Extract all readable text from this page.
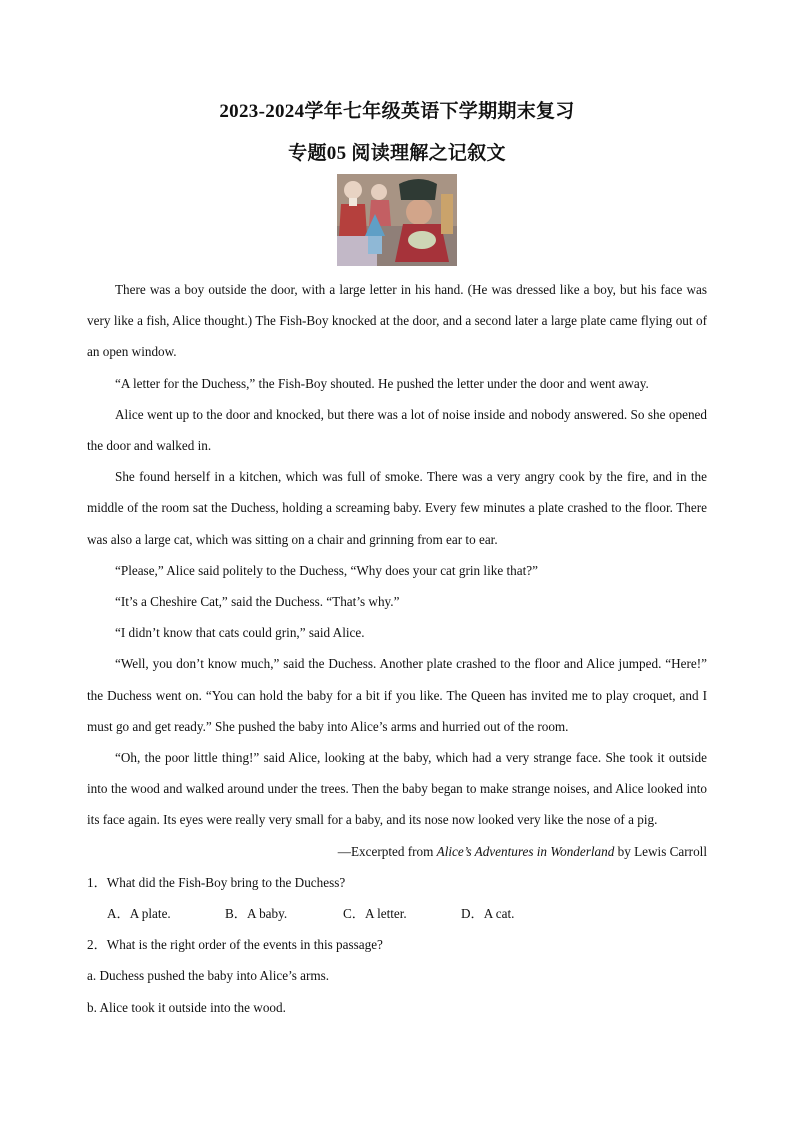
2023-2024学年七年级英语下学期期末复习
专题05 阅读理解之记叙文

There was a boy outside the door, with a large letter in his hand. (He was dressed like a boy, but his face was very like a fish, Alice thought.) The Fish-Boy knocked at the door, and a second later a large plate came flying out of an open window.

“A letter for the Duchess,” the Fish-Boy shouted. He pushed the letter under the door and went away.

Alice went up to the door and knocked, but there was a lot of noise inside and nobody answered. So she opened the door and walked in.

She found herself in a kitchen, which was full of smoke. There was a very angry cook by the fire, and in the middle of the room sat the Duchess, holding a screaming baby. Every few minutes a plate crashed to the floor. There was also a large cat, which was sitting on a chair and grinning from ear to ear.

“Please,” Alice said politely to the Duchess, “Why does your cat grin like that?”

“It’s a Cheshire Cat,” said the Duchess. “That’s why.”

“I didn’t know that cats could grin,” said Alice.

“Well, you don’t know much,” said the Duchess. Another plate crashed to the floor and Alice jumped. “Here!” the Duchess went on. “You can hold the baby for a bit if you like. The Queen has invited me to play croquet, and I must go and get ready.” She pushed the baby into Alice’s arms and hurried out of the room.

“Oh, the poor little thing!” said Alice, looking at the baby, which had a very strange face. She took it outside into the wood and walked around under the trees. Then the baby began to make strange noises, and Alice looked into its face again. Its eyes were really very small for a baby, and its nose now looked very like the nose of a pig.

—Excerpted from Alice’s Adventures in Wonderland by Lewis Carroll

1．What did the Fish-Boy bring to the Duchess?

A．A plate.	B．A baby.	C．A letter.	D．A cat.

2．What is the right order of the events in this passage?

a. Duchess pushed the baby into Alice’s arms.

b. Alice took it outside into the wood.
